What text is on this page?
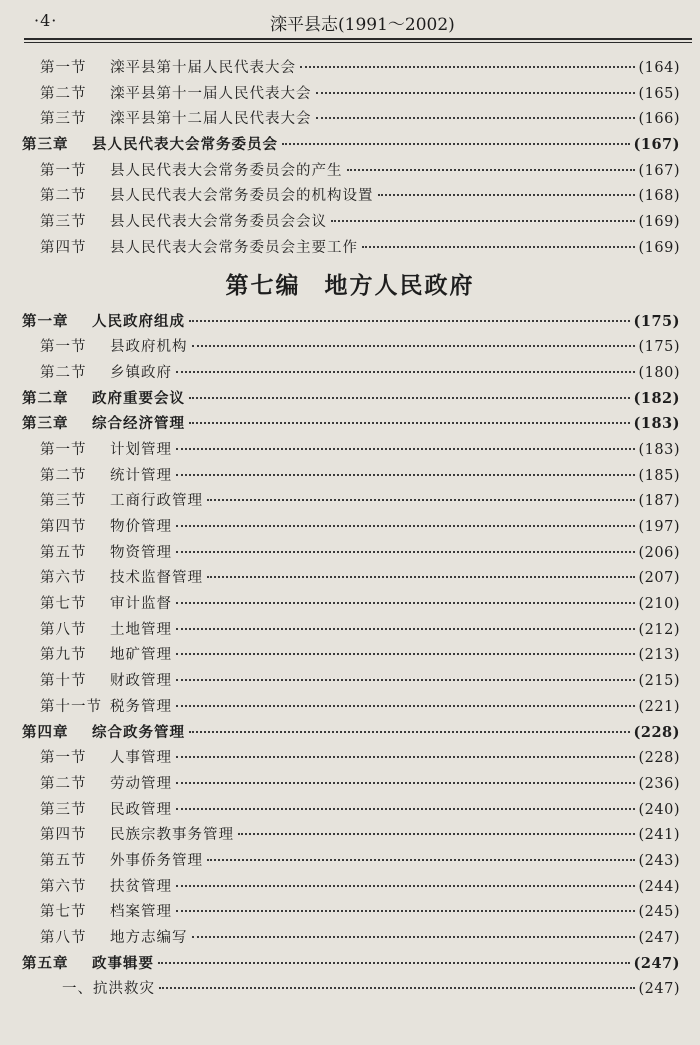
·4·	滦平县志(1991～2002)
第一节 滦平县第十届人民代表大会	(164)
第二节 滦平县第十一届人民代表大会	(165)
第三节 滦平县第十二届人民代表大会	(166)
第三章 县人民代表大会常务委员会	(167)
第一节 县人民代表大会常务委员会的产生	(167)
第二节 县人民代表大会常务委员会的机构设置	(168)
第三节 县人民代表大会常务委员会会议	(169)
第四节 县人民代表大会常务委员会主要工作	(169)
第七编 地方人民政府
第一章 人民政府组成	(175)
第一节 县政府机构	(175)
第二节 乡镇政府	(180)
第二章 政府重要会议	(182)
第三章 综合经济管理	(183)
第一节 计划管理	(183)
第二节 统计管理	(185)
第三节 工商行政管理	(187)
第四节 物价管理	(197)
第五节 物资管理	(206)
第六节 技术监督管理	(207)
第七节 审计监督	(210)
第八节 土地管理	(212)
第九节 地矿管理	(213)
第十节 财政管理	(215)
第十一节 税务管理	(221)
第四章 综合政务管理	(228)
第一节 人事管理	(228)
第二节 劳动管理	(236)
第三节 民政管理	(240)
第四节 民族宗教事务管理	(241)
第五节 外事侨务管理	(243)
第六节 扶贫管理	(244)
第七节 档案管理	(245)
第八节 地方志编写	(247)
第五章 政事辑要	(247)
一、抗洪救灾	(247)
